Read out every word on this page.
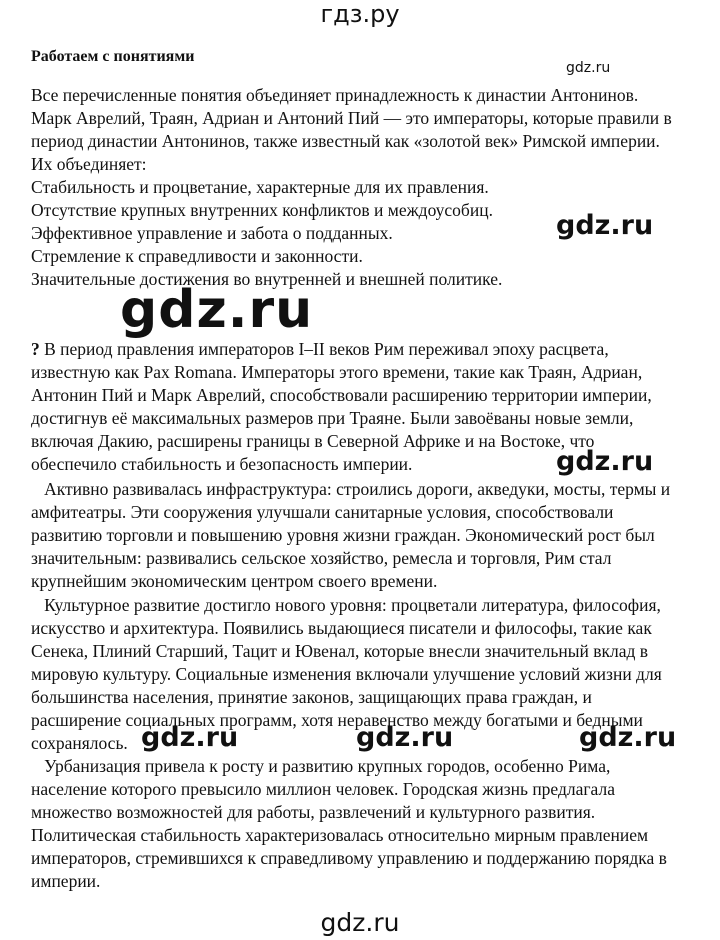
гдз.ру
Работаем с понятиями
gdz.ru
Все перечисленные понятия объединяет принадлежность к династии Антонинов.
Марк Аврелий, Траян, Адриан и Антоний Пий — это императоры, которые правили в
период династии Антонинов, также известный как «золотой век» Римской империи.
Их объединяет:
Стабильность и процветание, характерные для их правления.
Отсутствие крупных внутренних конфликтов и междоусобиц.
Эффективное управление и забота о подданных.
Стремление к справедливости и законности.
Значительные достижения во внутренней и внешней политике.
gdz.ru
gdz.ru
? В период правления императоров I–II веков Рим переживал эпоху расцвета,
известную как Pax Romana. Императоры этого времени, такие как Траян, Адриан,
Антонин Пий и Марк Аврелий, способствовали расширению территории империи,
достигнув её максимальных размеров при Траяне. Были завоёваны новые земли,
включая Дакию, расширены границы в Северной Африке и на Востоке, что
обеспечило стабильность и безопасность империи.	gdz.ru
Активно развивалась инфраструктура: строились дороги, акведуки, мосты, термы и
амфитеатры. Эти сооружения улучшали санитарные условия, способствовали
развитию торговли и повышению уровня жизни граждан. Экономический рост был
значительным: развивались сельское хозяйство, ремесла и торговля, Рим стал
крупнейшим экономическим центром своего времени.
Культурное развитие достигло нового уровня: процветали литература, философия,
искусство и архитектура. Появились выдающиеся писатели и философы, такие как
Сенека, Плиний Старший, Тацит и Ювенал, которые внесли значительный вклад в
мировую культуру. Социальные изменения включали улучшение условий жизни для
большинства населения, принятие законов, защищающих права граждан, и
расширение социальных программ, хотя неравенство между богатыми и бедными
сохранялось. gdz.ru	gdz.ru	gdz.ru
Урбанизация привела к росту и развитию крупных городов, особенно Рима,
население которого превысило миллион человек. Городская жизнь предлагала
множество возможностей для работы, развлечений и культурного развития.
Политическая стабильность характеризовалась относительно мирным правлением
императоров, стремившихся к справедливому управлению и поддержанию порядка в
империи.
gdz.ru
